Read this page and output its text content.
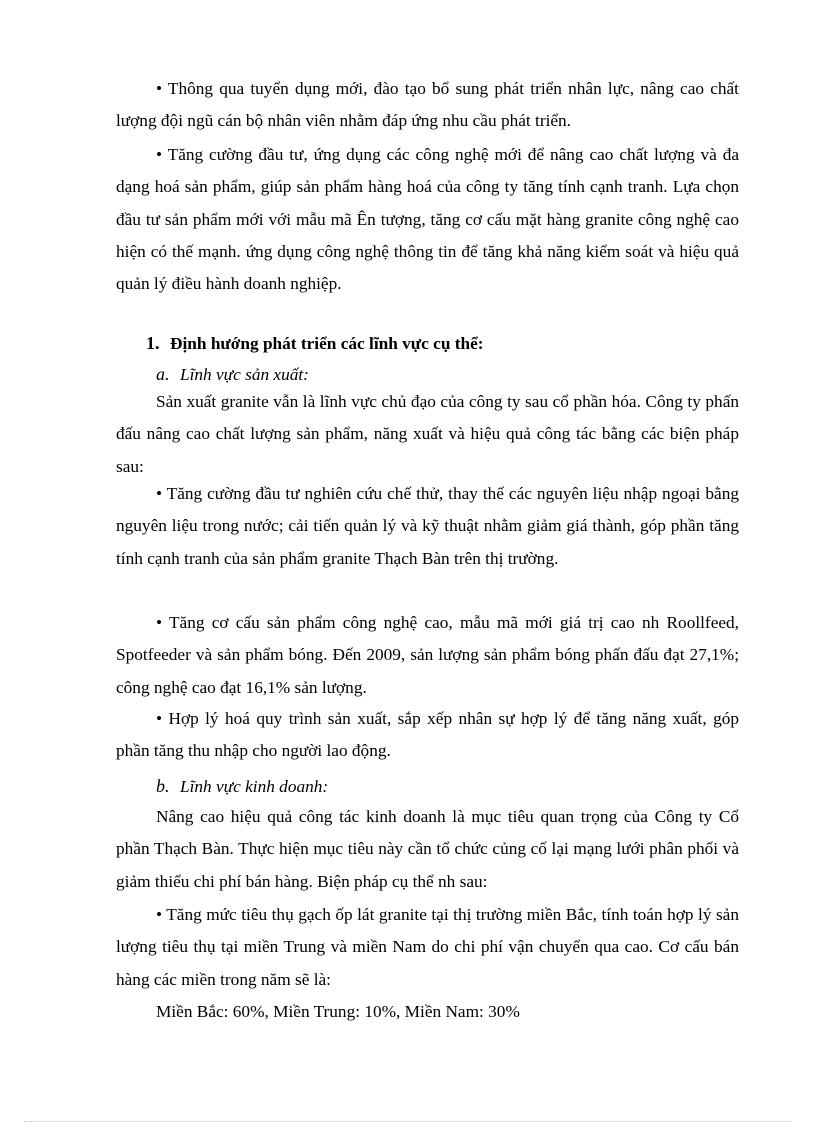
• Thông qua tuyển dụng mới, đào tạo bổ sung phát triển nhân lực, nâng cao chất lượng đội ngũ cán bộ nhân viên nhằm đáp ứng nhu cầu phát triển.

• Tăng cường đầu tư, ứng dụng các công nghệ mới để nâng cao chất lượng và đa dạng hoá sản phẩm, giúp sản phẩm hàng hoá của công ty tăng tính cạnh tranh. Lựa chọn đầu tư sản phẩm mới với mẫu mã Ên tượng, tăng cơ cấu mặt hàng granite công nghệ cao hiện có thế mạnh. ứng dụng công nghệ thông tin để tăng khả năng kiểm soát và hiệu quả quản lý điều hành doanh nghiệp.

1. Định hướng phát triển các lĩnh vực cụ thể:
a. Lĩnh vực sản xuất:

Sản xuất granite vẫn là lĩnh vực chủ đạo của công ty sau cổ phần hóa. Công ty phấn đấu nâng cao chất lượng sản phẩm, năng xuất và hiệu quả công tác bằng các biện pháp sau:

• Tăng cường đầu tư nghiên cứu chế thử, thay thế các nguyên liệu nhập ngoại bằng nguyên liệu trong nước; cải tiến quản lý và kỹ thuật nhằm giảm giá thành, góp phần tăng tính cạnh tranh của sản phẩm granite Thạch Bàn trên thị trường.

• Tăng cơ cấu sản phẩm công nghệ cao, mẫu mã mới giá trị cao nh Roollfeed, Spotfeeder và sản phẩm bóng. Đến 2009, sản lượng sản phẩm bóng phấn đấu đạt 27,1%; công nghệ cao đạt 16,1% sản lượng.

• Hợp lý hoá quy trình sản xuất, sắp xếp nhân sự hợp lý để tăng năng xuất, góp phần tăng thu nhập cho người lao động.

b. Lĩnh vực kinh doanh:

Nâng cao hiệu quả công tác kinh doanh là mục tiêu quan trọng của Công ty Cổ phần Thạch Bàn. Thực hiện mục tiêu này cần tổ chức củng cố lại mạng lưới phân phối và giảm thiểu chi phí bán hàng. Biện pháp cụ thể nh sau:

• Tăng mức tiêu thụ gạch ốp lát granite tại thị trường miền Bắc, tính toán hợp lý sản lượng tiêu thụ tại miền Trung và miền Nam do chi phí vận chuyển qua cao. Cơ cấu bán hàng các miền trong năm sẽ là:

Miền Bắc: 60%, Miền Trung: 10%, Miền Nam: 30%
